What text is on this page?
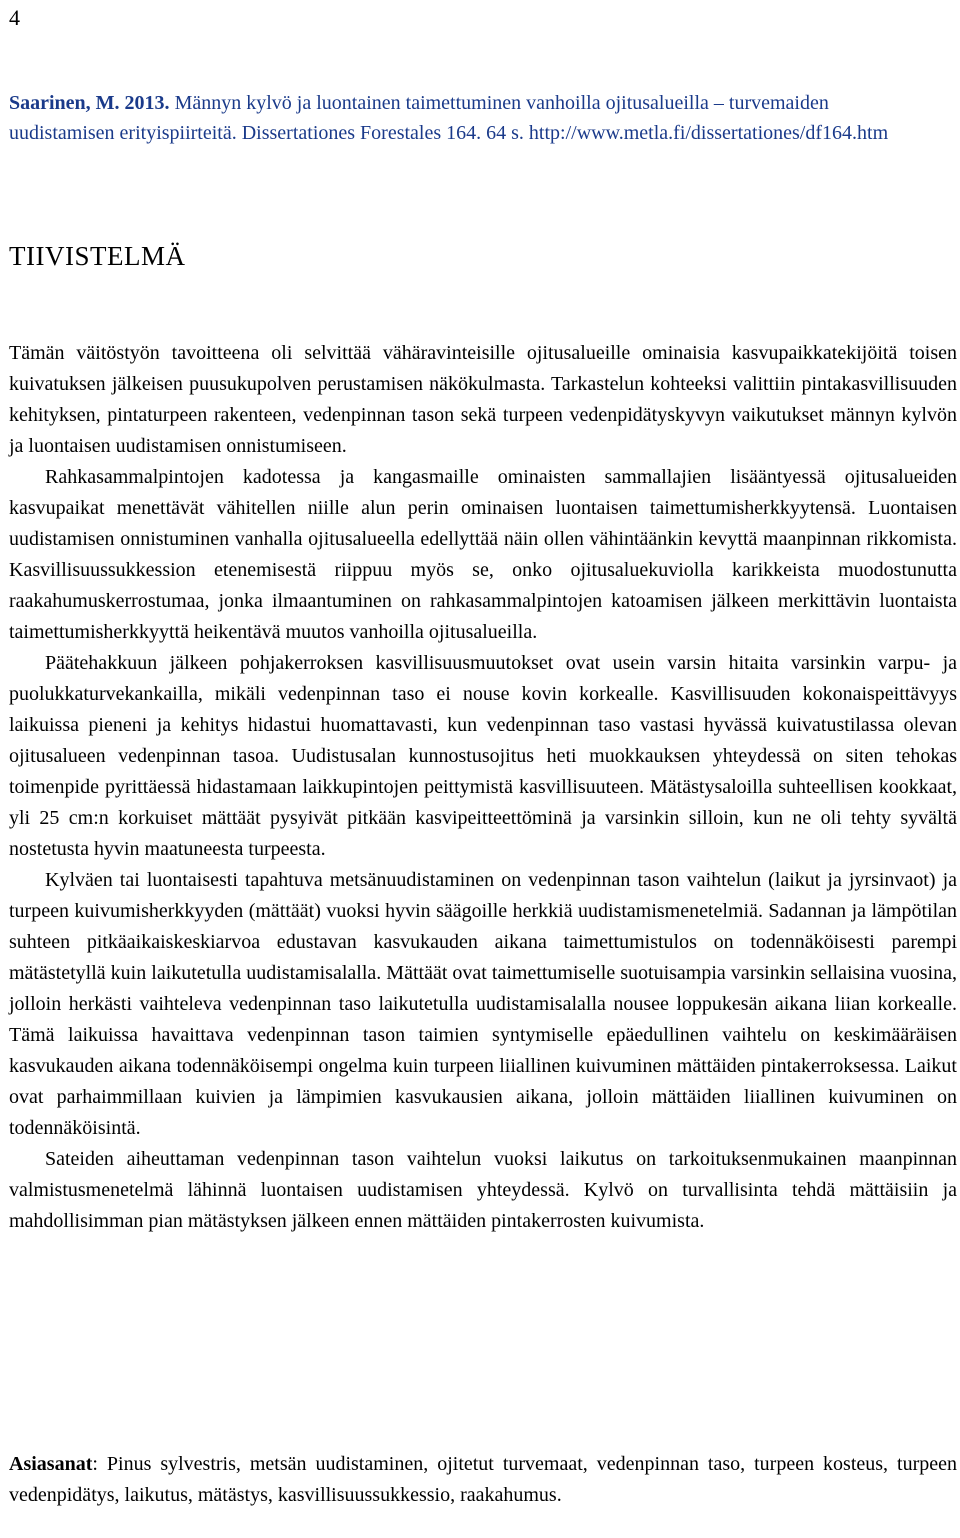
4
Saarinen, M. 2013. Männyn kylvö ja luontainen taimettuminen vanhoilla ojitusalueilla – turvemaiden uudistamisen erityispiirteitä. Dissertationes Forestales 164. 64 s. http://www.metla.fi/dissertationes/df164.htm
TIIVISTELMÄ

Tämän väitöstyön tavoitteena oli selvittää vähäravinteisille ojitusalueille ominaisia kasvupaikkatekijöitä toisen kuivatuksen jälkeisen puusukupolven perustamisen näkökulmasta. Tarkastelun kohteeksi valittiin pintakasvillisuuden kehityksen, pintaturpeen rakenteen, vedenpinnan tason sekä turpeen vedenpidätyskyvyn vaikutukset männyn kylvön ja luontaisen uudistamisen onnistumiseen.

Rahkasammalpintojen kadotessa ja kangasmaille ominaisten sammallajien lisääntyessä ojitusalueiden kasvupaikat menettävät vähitellen niille alun perin ominaisen luontaisen taimettumisherkkyytensä. Luontaisen uudistamisen onnistuminen vanhalla ojitusalueella edellyttää näin ollen vähintäänkin kevyttä maanpinnan rikkomista. Kasvillisuussukkession etenemisestä riippuu myös se, onko ojitusaluekuviolla karikkeista muodostunutta raakahumuskerrostumaa, jonka ilmaantuminen on rahkasammalpintojen katoamisen jälkeen merkittävin luontaista taimettumisherkkyyttä heikentävä muutos vanhoilla ojitusalueilla.

Päätehakkuun jälkeen pohjakerroksen kasvillisuusmuutokset ovat usein varsin hitaita varsinkin varpu- ja puolukkaturvekankailla, mikäli vedenpinnan taso ei nouse kovin korkealle. Kasvillisuuden kokonaispeittävyys laikuissa pieneni ja kehitys hidastui huomattavasti, kun vedenpinnan taso vastasi hyvässä kuivatustilassa olevan ojitusalueen vedenpinnan tasoa. Uudistusalan kunnostusojitus heti muokkauksen yhteydessä on siten tehokas toimenpide pyrittäessä hidastamaan laikkupintojen peittymistä kasvillisuuteen. Mätästysaloilla suhteellisen kookkaat, yli 25 cm:n korkuiset mättäät pysyivät pitkään kasvipeitteettöminä ja varsinkin silloin, kun ne oli tehty syvältä nostetusta hyvin maatuneesta turpeesta.

Kylväen tai luontaisesti tapahtuva metsänuudistaminen on vedenpinnan tason vaihtelun (laikut ja jyrsinvaot) ja turpeen kuivumisherkkyyden (mättäät) vuoksi hyvin säägoille herkkiä uudistamismenetelmiä. Sadannan ja lämpötilan suhteen pitkäaikaiskeskiarvoa edustavan kasvukauden aikana taimettumistulos on todennäköisesti parempi mätästetyllä kuin laikutetulla uudistamisalalla. Mättäät ovat taimettumiselle suotuisampia varsinkin sellaisina vuosina, jolloin herkästi vaihteleva vedenpinnan taso laikutetulla uudistamisalalla nousee loppukesän aikana liian korkealle. Tämä laikuissa havaittava vedenpinnan tason taimien syntymiselle epäedullinen vaihtelu on keskimääräisen kasvukauden aikana todennäköisempi ongelma kuin turpeen liiallinen kuivuminen mättäiden pintakerroksessa. Laikut ovat parhaimmillaan kuivien ja lämpimien kasvukausien aikana, jolloin mättäiden liiallinen kuivuminen on todennäköisintä.

Sateiden aiheuttaman vedenpinnan tason vaihtelun vuoksi laikutus on tarkoituksenmukainen maanpinnan valmistusmenetelmä lähinnä luontaisen uudistamisen yhteydessä. Kylvö on turvallisinta tehdä mättäisiin ja mahdollisimman pian mätästyksen jälkeen ennen mättäiden pintakerrosten kuivumista.

Asiasanat: Pinus sylvestris, metsän uudistaminen, ojitetut turvemaat, vedenpinnan taso, turpeen kosteus, turpeen vedenpidätys, laikutus, mätästys, kasvillisuussukkessio, raakahumus.
